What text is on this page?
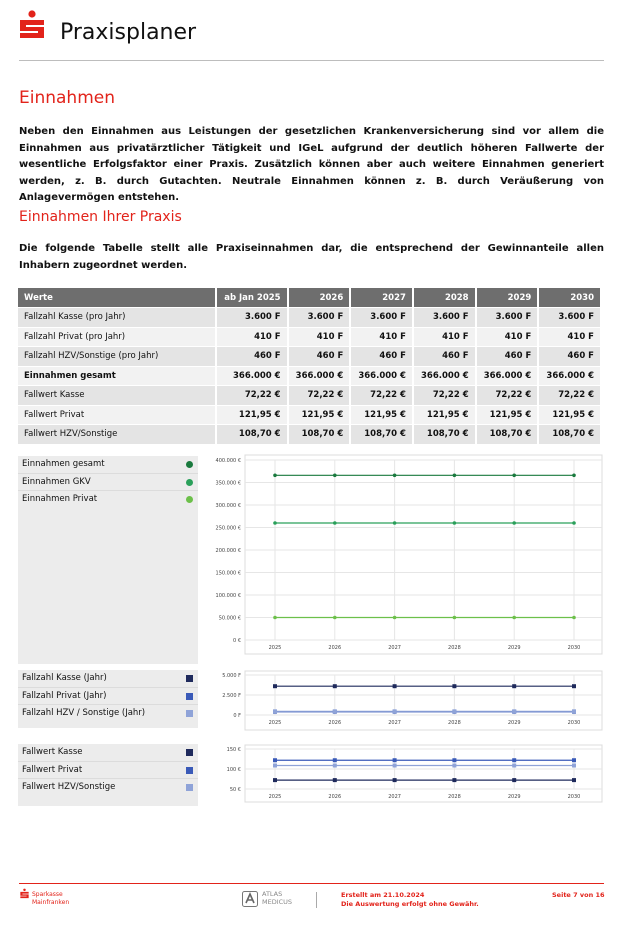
Praxisplaner
Einnahmen
Neben den Einnahmen aus Leistungen der gesetzlichen Krankenversicherung sind vor allem die Einnahmen aus privatärztlicher Tätigkeit und IGeL aufgrund der deutlich höheren Fallwerte der wesentliche Erfolgsfaktor einer Praxis. Zusätzlich können aber auch weitere Einnahmen generiert werden, z. B. durch Gutachten. Neutrale Einnahmen können z. B. durch Veräußerung von Anlagevermögen entstehen.
Einnahmen Ihrer Praxis
Die folgende Tabelle stellt alle Praxiseinnahmen dar, die entsprechend der Gewinnanteile allen Inhabern zugeordnet werden.
Werte	ab Jan 2025	2026	2027	2028	2029	2030
Fallzahl Kasse (pro Jahr)	3.600 F	3.600 F	3.600 F	3.600 F	3.600 F	3.600 F
Fallzahl Privat (pro Jahr)	410 F	410 F	410 F	410 F	410 F	410 F
Fallzahl HZV/Sonstige (pro Jahr)	460 F	460 F	460 F	460 F	460 F	460 F
Einnahmen gesamt	366.000 €	366.000 €	366.000 €	366.000 €	366.000 €	366.000 €
Fallwert Kasse	72,22 €	72,22 €	72,22 €	72,22 €	72,22 €	72,22 €
Fallwert Privat	121,95 €	121,95 €	121,95 €	121,95 €	121,95 €	121,95 €
Fallwert HZV/Sonstige	108,70 €	108,70 €	108,70 €	108,70 €	108,70 €	108,70 €
Einnahmen gesamt
Einnahmen GKV
Einnahmen Privat
Fallzahl Kasse (Jahr)
Fallzahl Privat (Jahr)
Fallzahl HZV / Sonstige (Jahr)
Fallwert Kasse
Fallwert Privat
Fallwert HZV/Sonstige
0 €
50.000 €
100.000 €
150.000 €
200.000 €
250.000 €
300.000 €
350.000 €
400.000 €
2025	2026	2027	2028	2029	2030
0 F
2.500 F
5.000 F
2025	2026	2027	2028	2029	2030
50 €
100 €
150 €
2025	2026	2027	2028	2029	2030
Sparkasse
Mainfranken
ATLAS
MEDICUS
Erstellt am 21.10.2024
Die Auswertung erfolgt ohne Gewähr.
Seite 7 von 16
